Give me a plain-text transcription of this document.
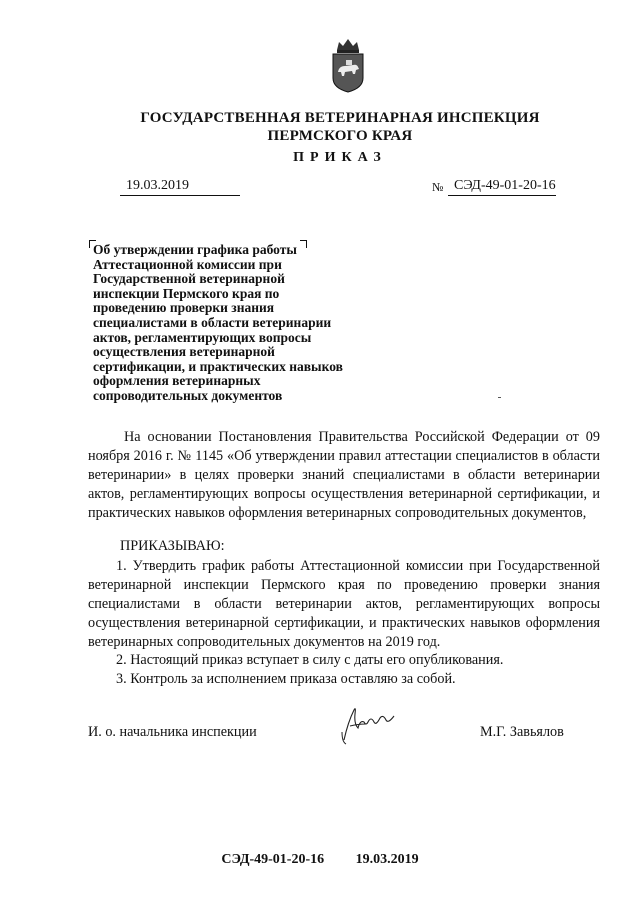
ГОСУДАРСТВЕННАЯ ВЕТЕРИНАРНАЯ ИНСПЕКЦИЯ
ПЕРМСКОГО КРАЯ
ПРИКАЗ
19.03.2019	№ СЭД-49-01-20-16
Об утверждении графика работы
Аттестационной комиссии при
Государственной ветеринарной
инспекции Пермского края по
проведению проверки знания
специалистами в области ветеринарии
актов, регламентирующих вопросы
осуществления ветеринарной
сертификации, и практических навыков
оформления ветеринарных
сопроводительных документов
На основании Постановления Правительства Российской Федерации от 09 ноября 2016 г. № 1145 «Об утверждении правил аттестации специалистов в области ветеринарии» в целях проверки знаний специалистами в области ветеринарии актов, регламентирующих вопросы осуществления ветеринарной сертификации, и практических навыков оформления ветеринарных сопроводительных документов,
ПРИКАЗЫВАЮ:
1. Утвердить график работы Аттестационной комиссии при Государственной ветеринарной инспекции Пермского края по проведению проверки знания специалистами в области ветеринарии актов, регламентирующих вопросы осуществления ветеринарной сертификации, и практических навыков оформления ветеринарных сопроводительных документов на 2019 год.
2. Настоящий приказ вступает в силу с даты его опубликования.
3. Контроль за исполнением приказа оставляю за собой.
И. о. начальника инспекции	М.Г. Завьялов
СЭД-49-01-20-16 19.03.2019
